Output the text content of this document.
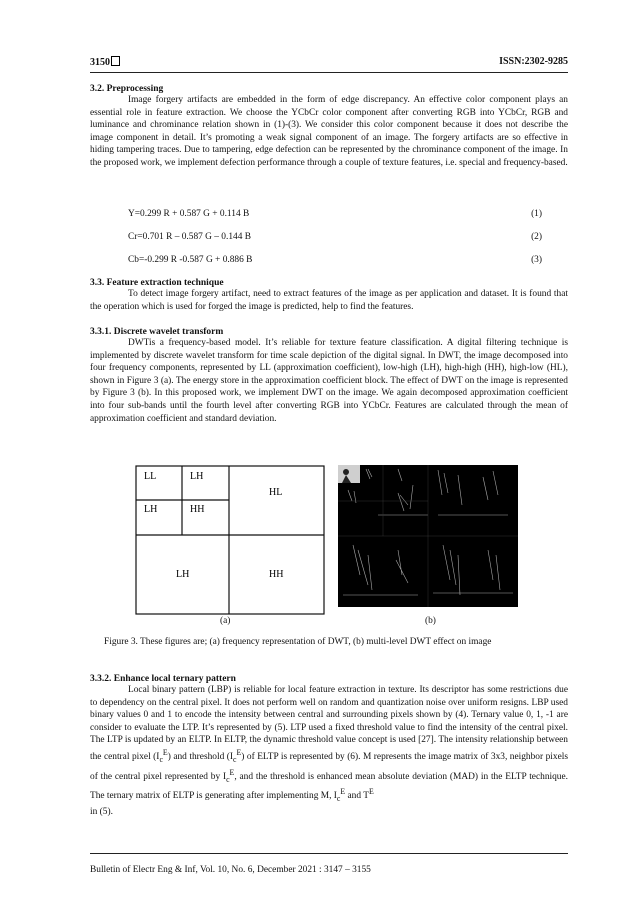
3150	ISSN:2302-9285
3.2. Preprocessing

Image forgery artifacts are embedded in the form of edge discrepancy. An effective color component plays an essential role in feature extraction. We choose the YCbCr color component after converting RGB into YCbCr, RGB and luminance and chrominance relation shown in (1)-(3). We consider this color component because it does not describe the image component in detail. It’s promoting a weak signal component of an image. The forgery artifacts are so effective in hiding tampering traces. Due to tampering, edge defection can be represented by the chrominance component of the image. In the proposed work, we implement defection performance through a couple of texture features, i.e. special and frequency-based.

Y=0.299 R + 0.587 G + 0.114 B	(1)
Cr=0.701 R – 0.587 G – 0.144 B	(2)
Cb=-0.299 R -0.587 G + 0.886 B	(3)
3.3. Feature extraction technique

To detect image forgery artifact, need to extract features of the image as per application and dataset. It is found that the operation which is used for forged the image is predicted, help to find the features.

3.3.1. Discrete wavelet transform

DWTis a frequency-based model. It’s reliable for texture feature classification. A digital filtering technique is implemented by discrete wavelet transform for time scale depiction of the digital signal. In DWT, the image decomposed into four frequency components, represented by LL (approximation coefficient), low-high (LH), high-high (HH), high-low (HL), shown in Figure 3 (a). The energy store in the approximation coefficient block. The effect of DWT on the image is represented by Figure 3 (b). In this proposed work, we implement DWT on the image. We again decomposed approximation coefficient into four sub-bands until the fourth level after converting RGB into YCbCr. Features are calculated through the mean of approximation coefficient and standard deviation.

LL	LH
LH	HH
HL
LH	HH
(a)	(b)
Figure 3. These figures are; (a) frequency representation of DWT, (b) multi-level DWT effect on image
3.3.2. Enhance local ternary pattern

Local binary pattern (LBP) is reliable for local feature extraction in texture. Its descriptor has some restrictions due to dependency on the central pixel. It does not perform well on random and quantization noise over uniform resigns. LBP used binary values 0 and 1 to encode the intensity between central and surrounding pixels shown by (4). Ternary value 0, 1, -1 are consider to evaluate the LTP. It’s represented by (5). LTP used a fixed threshold value to find the intensity of the central pixel. The LTP is updated by an ELTP. In ELTP, the dynamic threshold value concept is used [27]. The intensity relationship between the central pixel $(I_c^E)$ and threshold $(I_c^E)$ of ELTP is represented by (6). M represents the image matrix of 3x3, neighbor pixels of the central pixel represented by $I_c^E$, and the threshold is enhanced mean absolute deviation (MAD) in the ELTP technique. The ternary matrix of ELTP is generating after implementing M, $I_c^E$ and $T^E$
in (5).

Bulletin of Electr Eng & Inf, Vol. 10, No. 6, December 2021 : 3147 – 3155
